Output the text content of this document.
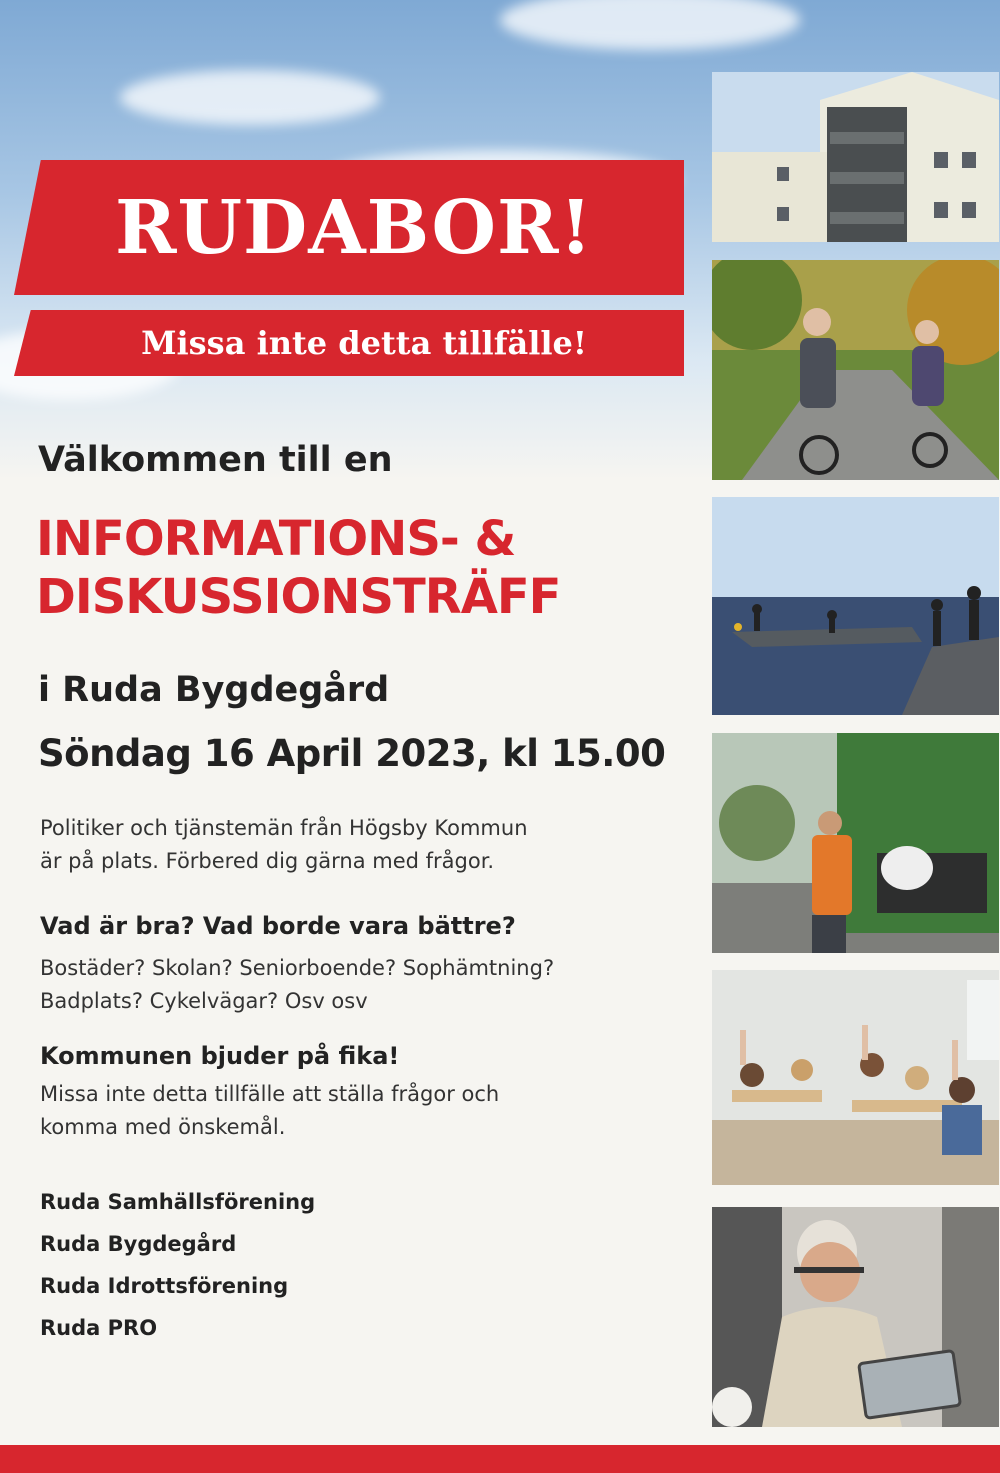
RUDABOR!
Missa inte detta tillfälle!
Välkommen till en
INFORMATIONS- &
DISKUSSIONSTRÄFF
i Ruda Bygdegård
Söndag 16 April 2023, kl 15.00
Politiker och tjänstemän från Högsby Kommun
är på plats. Förbered dig gärna med frågor.
Vad är bra? Vad borde vara bättre?
Bostäder? Skolan? Seniorboende? Sophämtning?
Badplats? Cykelvägar? Osv osv
Kommunen bjuder på fika!
Missa inte detta tillfälle att ställa frågor och
komma med önskemål.
Ruda Samhällsförening
Ruda Bygdegård
Ruda Idrottsförening
Ruda PRO
